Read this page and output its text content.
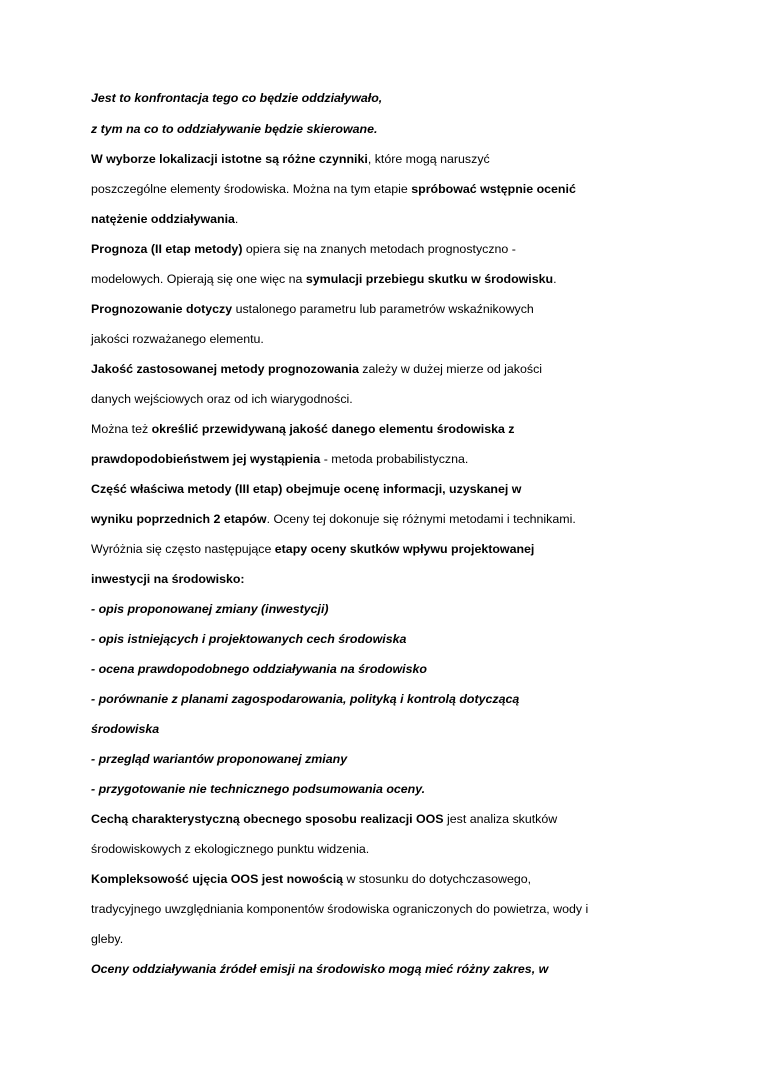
Jest to konfrontacja tego co będzie oddziaływało,
z tym na co to oddziaływanie będzie skierowane.
W wyborze lokalizacji istotne są różne czynniki, które mogą naruszyć
poszczególne elementy środowiska. Można na tym etapie spróbować wstępnie ocenić
natężenie oddziaływania.
Prognoza (II etap metody) opiera się na znanych metodach prognostyczno ‐
modelowych. Opierają się one więc na symulacji przebiegu skutku w środowisku.
Prognozowanie dotyczy ustalonego parametru lub parametrów wskaźnikowych
jakości rozważanego elementu.
Jakość zastosowanej metody prognozowania zależy w dużej mierze od jakości
danych wejściowych oraz od ich wiarygodności.
Można też określić przewidywaną jakość danego elementu środowiska z
prawdopodobieństwem jej wystąpienia ‐ metoda probabilistyczna.
Część właściwa metody (III etap) obejmuje ocenę informacji, uzyskanej w
wyniku poprzednich 2 etapów. Oceny tej dokonuje się różnymi metodami i technikami.
Wyróżnia się często następujące etapy oceny skutków wpływu projektowanej
inwestycji na środowisko:
- opis proponowanej zmiany (inwestycji)
- opis istniejących i projektowanych cech środowiska
- ocena prawdopodobnego oddziaływania na środowisko
- porównanie z planami zagospodarowania, polityką i kontrolą dotyczącą
środowiska
- przegląd wariantów proponowanej zmiany
- przygotowanie nie technicznego podsumowania oceny.
Cechą charakterystyczną obecnego sposobu realizacji OOS jest analiza skutków
środowiskowych z ekologicznego punktu widzenia.
Kompleksowość ujęcia OOS jest nowością w stosunku do dotychczasowego,
tradycyjnego uwzględniania komponentów środowiska ograniczonych do powietrza, wody i
gleby.
Oceny oddziaływania źródeł emisji na środowisko mogą mieć różny zakres, w
